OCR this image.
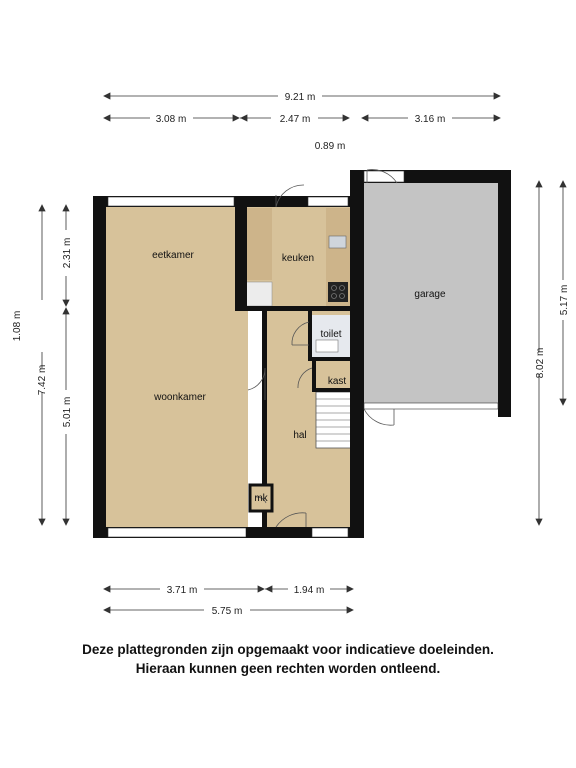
9.21 m
3.08 m	2.47 m	3.16 m
0.89 m
1.08 m
7.42 m
2.31 m
5.01 m
8.02 m
5.17 m
3.71 m	1.94 m
5.75 m
eetkamer	keuken
garage
toilet
woonkamer
kast
hal
mk
Deze plattegronden zijn opgemaakt voor indicatieve doeleinden.
Hieraan kunnen geen rechten worden ontleend.
